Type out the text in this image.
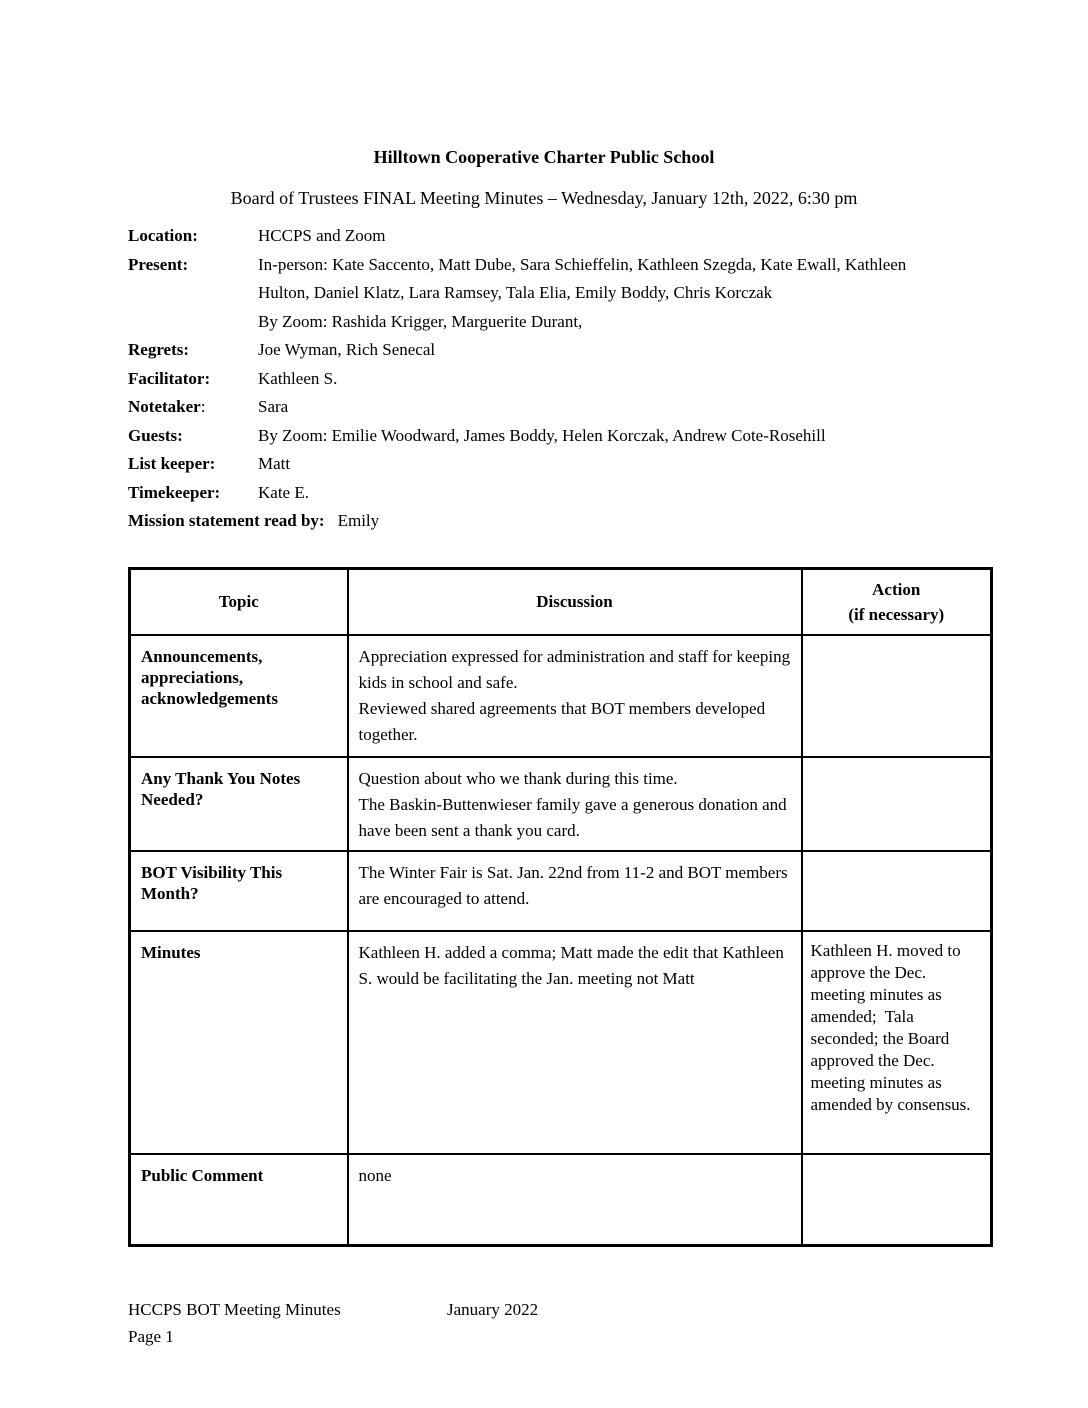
Hilltown Cooperative Charter Public School
Board of Trustees FINAL Meeting Minutes – Wednesday, January 12th, 2022, 6:30 pm
Location:	HCCPS and Zoom
Present:	In-person: Kate Saccento, Matt Dube, Sara Schieffelin, Kathleen Szegda, Kate Ewall, Kathleen Hulton, Daniel Klatz, Lara Ramsey, Tala Elia, Emily Boddy, Chris Korczak
By Zoom: Rashida Krigger, Marguerite Durant,
Regrets:	Joe Wyman, Rich Senecal
Facilitator:	Kathleen S.
Notetaker:	Sara
Guests:	By Zoom: Emilie Woodward, James Boddy, Helen Korczak, Andrew Cote-Rosehill
List keeper:	Matt
Timekeeper:	Kate E.
Mission statement read by: Emily
Topic	Discussion	Action
(if necessary)

Announcements, appreciations, acknowledgements	Appreciation expressed for administration and staff for keeping kids in school and safe.
Reviewed shared agreements that BOT members developed together.	

Any Thank You Notes Needed?	Question about who we thank during this time.
The Baskin-Buttenwieser family gave a generous donation and have been sent a thank you card.	

BOT Visibility This Month?	The Winter Fair is Sat. Jan. 22nd from 11-2 and BOT members are encouraged to attend.	

Minutes	Kathleen H. added a comma; Matt made the edit that Kathleen S. would be facilitating the Jan. meeting not Matt	Kathleen H. moved to approve the Dec. meeting minutes as amended;  Tala seconded; the Board approved the Dec. meeting minutes as amended by consensus.
Public Comment	none	

HCCPS BOT Meeting Minutes	January 2022
Page 1
